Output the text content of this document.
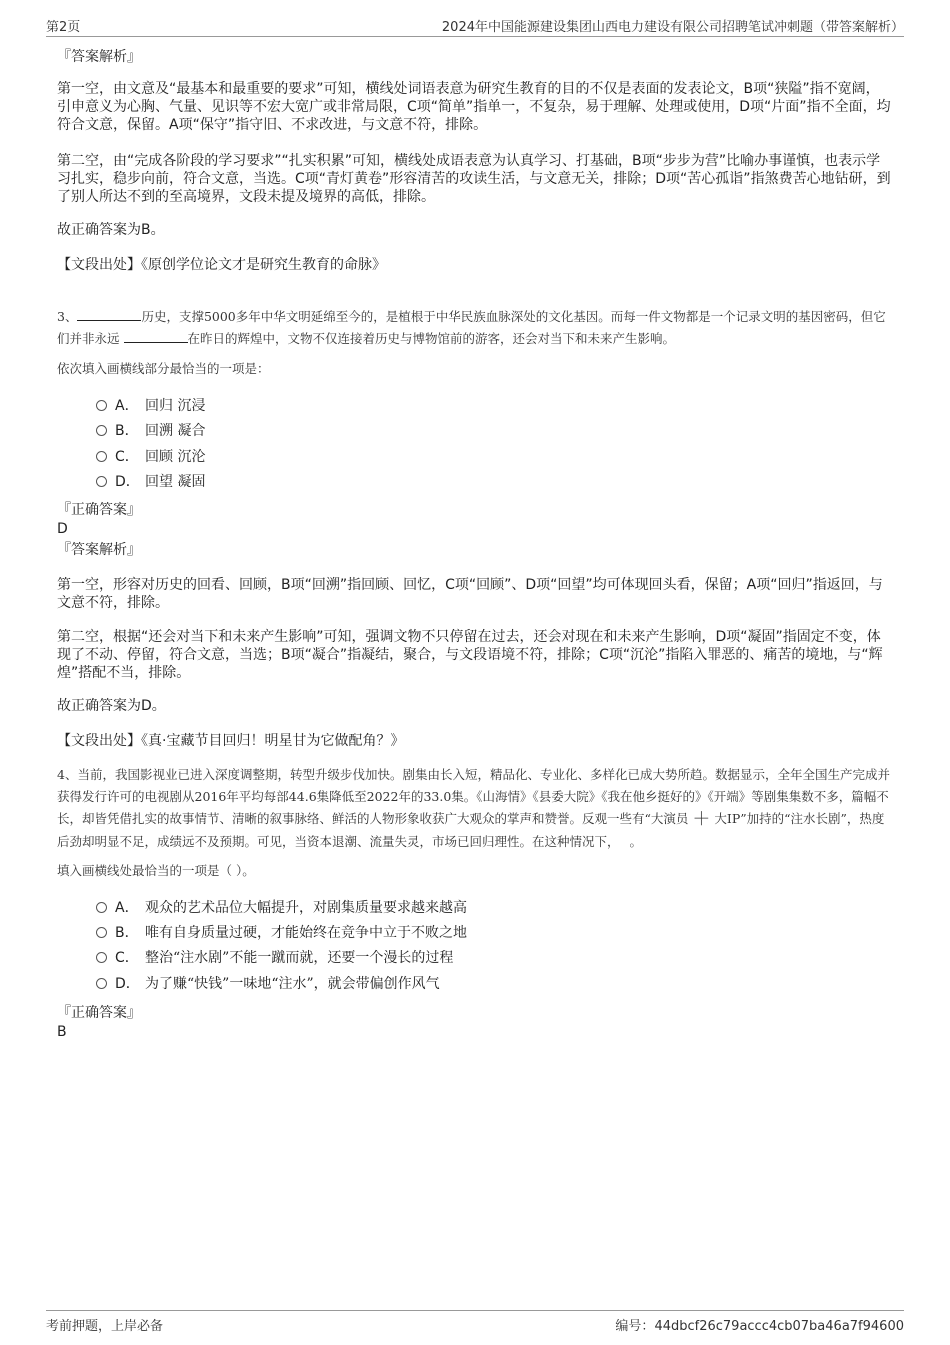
第2页	2024年中国能源建设集团山西电力建设有限公司招聘笔试冲刺题（带答案解析）
『答案解析』
第一空，由文意及“最基本和最重要的要求”可知，横线处词语表意为研究生教育的目的不仅是表面的发表论文，B项“狭隘”指不宽阔，引申意义为心胸、气量、见识等不宏大宽广或非常局限，C项“简单”指单一，不复杂，易于理解、处理或使用，D项“片面”指不全面，均符合文意，保留。A项“保守”指守旧、不求改进，与文意不符，排除。
第二空，由“完成各阶段的学习要求”“扎实积累”可知，横线处成语表意为认真学习、打基础，B项“步步为营”比喻办事谨慎，也表示学习扎实，稳步向前，符合文意，当选。C项“青灯黄卷”形容清苦的攻读生活，与文意无关，排除；D项“苦心孤诣”指煞费苦心地钻研，到了别人所达不到的至高境界，文段未提及境界的高低，排除。
故正确答案为B。
【文段出处】《原创学位论文才是研究生教育的命脉》
3、	历史，支撑5000多年中华文明延绵至今的，是植根于中华民族血脉深处的文化基因。而每一件文物都是一个记录文明的基因密码，但它们并非永远	在昨日的辉煌中，文物不仅连接着历史与博物馆前的游客，还会对当下和未来产生影响。
依次填入画横线部分最恰当的一项是：
A． 回归 沉浸
B． 回溯 凝合
C． 回顾 沉沦
D． 回望 凝固
『正确答案』
D
『答案解析』
第一空，形容对历史的回看、回顾，B项“回溯”指回顾、回忆，C项“回顾”、D项“回望”均可体现回头看，保留；A项“回归”指返回，与文意不符，排除。
第二空，根据“还会对当下和未来产生影响”可知，强调文物不只停留在过去，还会对现在和未来产生影响，D项“凝固”指固定不变，体现了不动、停留，符合文意，当选；B项“凝合”指凝结，聚合，与文段语境不符，排除；C项“沉沦”指陷入罪恶的、痛苦的境地，与“辉煌”搭配不当，排除。
故正确答案为D。
【文段出处】《真·宝藏节目回归！明星甘为它做配角？》
4、当前，我国影视业已进入深度调整期，转型升级步伐加快。剧集由长入短，精品化、专业化、多样化已成大势所趋。数据显示，全年全国生产完成并获得发行许可的电视剧从2016年平均每部44.6集降低至2022年的33.0集。《山海情》《县委大院》《我在他乡挺好的》《开端》等剧集集数不多，篇幅不长，却皆凭借扎实的故事情节、清晰的叙事脉络、鲜活的人物形象收获广大观众的掌声和赞誉。反观一些有“大演员 ＋ 大IP”加持的“注水长剧”，热度后劲却明显不足，成绩远不及预期。可见，当资本退潮、流量失灵，市场已回归理性。在这种情况下， 。
填入画横线处最恰当的一项是（ ）。
A． 观众的艺术品位大幅提升，对剧集质量要求越来越高
B． 唯有自身质量过硬，才能始终在竞争中立于不败之地
C． 整治“注水剧”不能一蹴而就，还要一个漫长的过程
D． 为了赚“快钱”一味地“注水”，就会带偏创作风气
『正确答案』
B
考前押题，上岸必备	编号：44dbcf26c79accc4cb07ba46a7f94600
